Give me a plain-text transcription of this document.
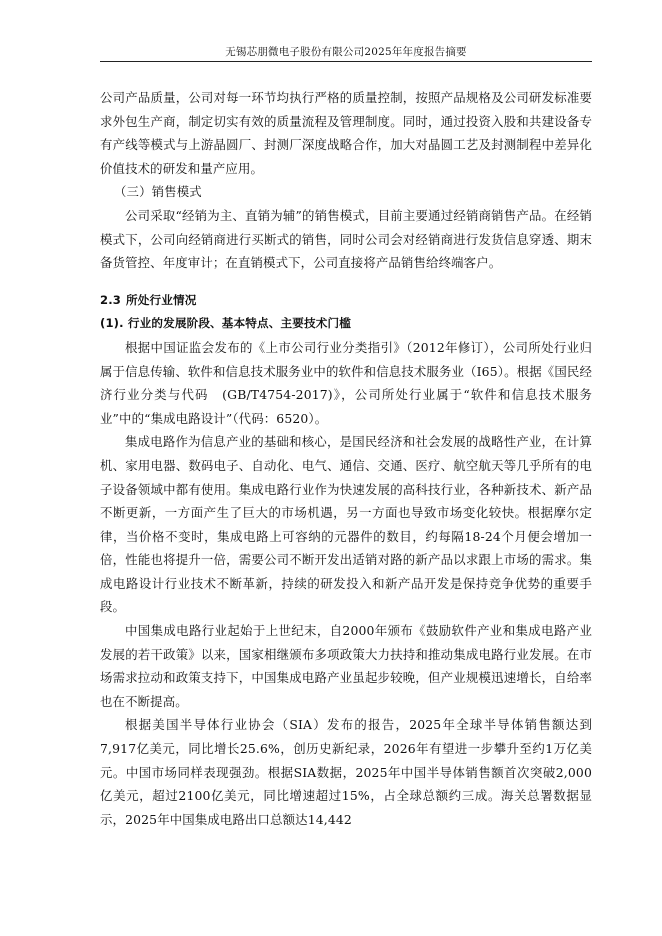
无锡芯朋微电子股份有限公司2025年年度报告摘要

公司产品质量，公司对每一环节均执行严格的质量控制，按照产品规格及公司研发标准要求外包生产商，制定切实有效的质量流程及管理制度。同时，通过投资入股和共建设备专有产线等模式与上游晶圆厂、封测厂深度战略合作，加大对晶圆工艺及封测制程中差异化价值技术的研发和量产应用。

（三）销售模式

公司采取“经销为主、直销为辅”的销售模式，目前主要通过经销商销售产品。在经销模式下，公司向经销商进行买断式的销售，同时公司会对经销商进行发货信息穿透、期末备货管控、年度审计；在直销模式下，公司直接将产品销售给终端客户。

2.3 所处行业情况

(1). 行业的发展阶段、基本特点、主要技术门槛

根据中国证监会发布的《上市公司行业分类指引》（2012年修订），公司所处行业归属于信息传输、软件和信息技术服务业中的软件和信息技术服务业（I65）。根据《国民经济行业分类与代码　(GB/T4754-2017)》，公司所处行业属于“软件和信息技术服务业”中的“集成电路设计”（代码：6520）。

集成电路作为信息产业的基础和核心，是国民经济和社会发展的战略性产业，在计算机、家用电器、数码电子、自动化、电气、通信、交通、医疗、航空航天等几乎所有的电子设备领域中都有使用。集成电路行业作为快速发展的高科技行业，各种新技术、新产品不断更新，一方面产生了巨大的市场机遇，另一方面也导致市场变化较快。根据摩尔定律，当价格不变时，集成电路上可容纳的元器件的数目，约每隔18-24个月便会增加一倍，性能也将提升一倍，需要公司不断开发出适销对路的新产品以求跟上市场的需求。集成电路设计行业技术不断革新，持续的研发投入和新产品开发是保持竞争优势的重要手段。

中国集成电路行业起始于上世纪末，自2000年颁布《鼓励软件产业和集成电路产业发展的若干政策》以来，国家相继颁布多项政策大力扶持和推动集成电路行业发展。在市场需求拉动和政策支持下，中国集成电路产业虽起步较晚，但产业规模迅速增长，自给率也在不断提高。

根据美国半导体行业协会（SIA）发布的报告，2025年全球半导体销售额达到7,917亿美元，同比增长25.6%，创历史新纪录，2026年有望进一步攀升至约1万亿美元。中国市场同样表现强劲。根据SIA数据，2025年中国半导体销售额首次突破2,000亿美元，超过2100亿美元，同比增速超过15%，占全球总额约三成。海关总署数据显示，2025年中国集成电路出口总额达14,442
